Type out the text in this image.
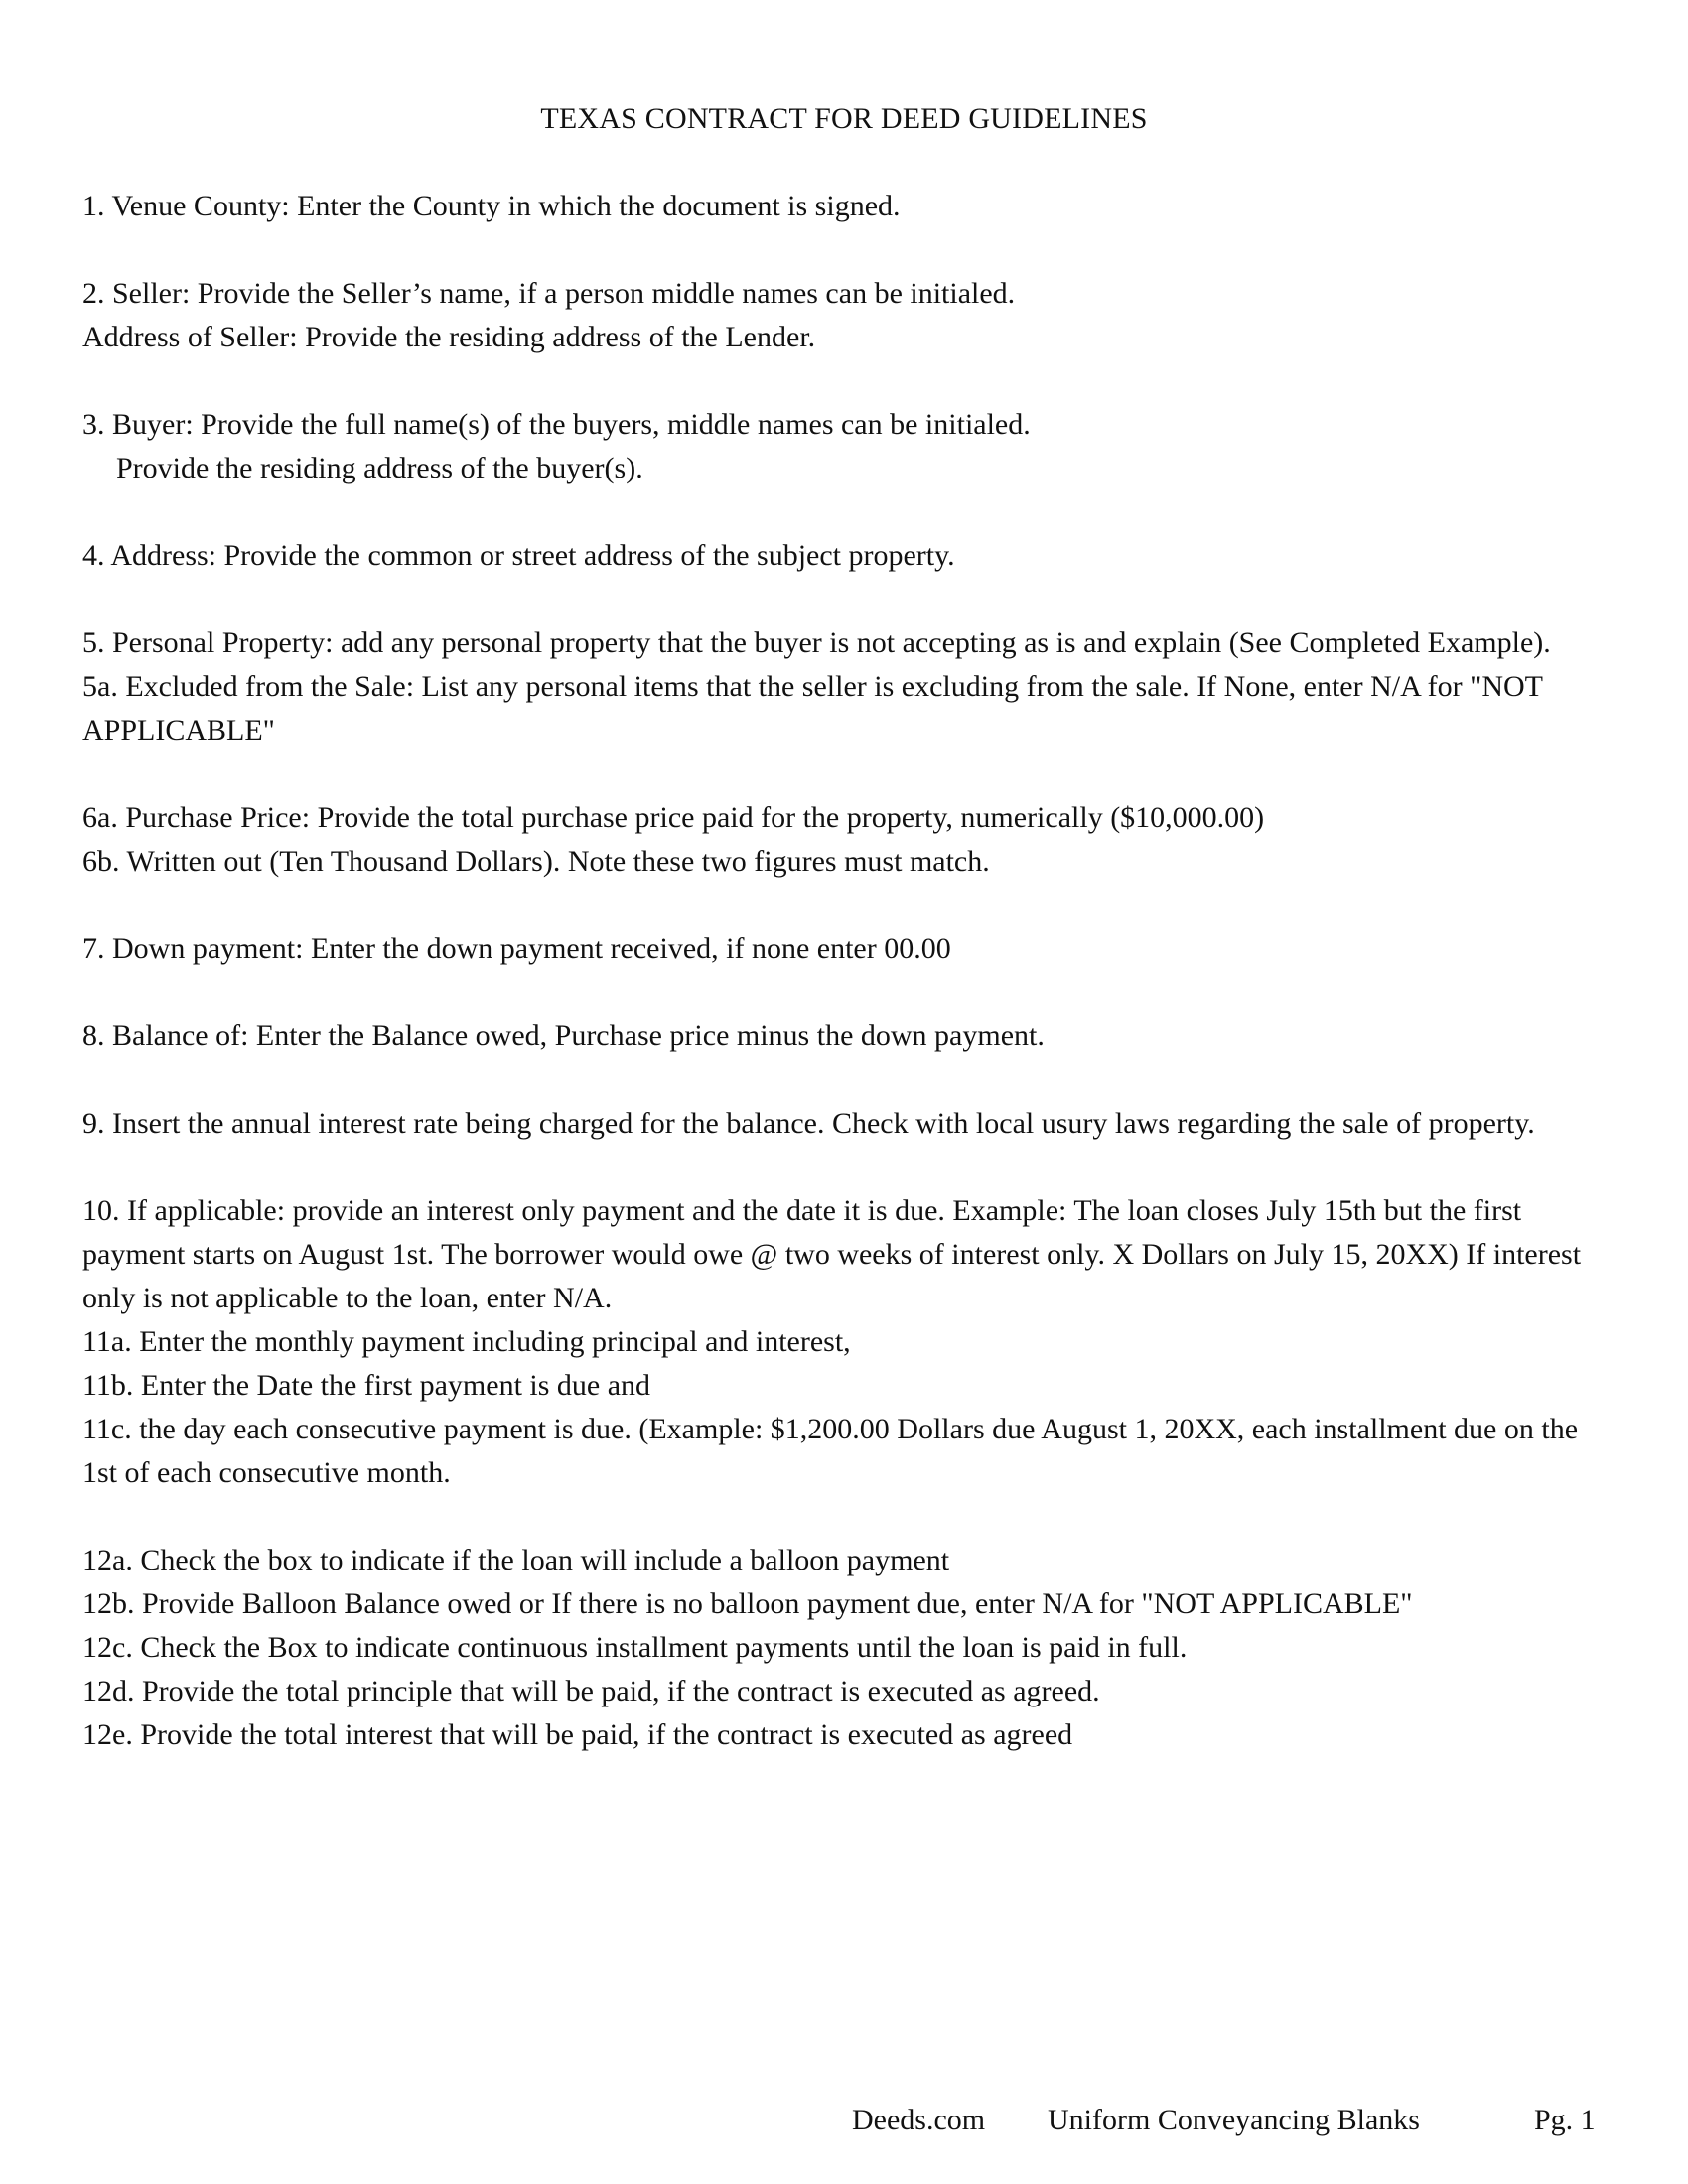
TEXAS CONTRACT FOR DEED GUIDELINES

1. Venue County: Enter the County in which the document is signed.

2. Seller: Provide the Seller’s name, if a person middle names can be initialed.

Address of Seller: Provide the residing address of the Lender.

3. Buyer: Provide the full name(s) of the buyers, middle names can be initialed.

Provide the residing address of the buyer(s).

4. Address: Provide the common or street address of the subject property.

5. Personal Property: add any personal property that the buyer is not accepting as is and explain (See Completed Example).

5a. Excluded from the Sale: List any personal items that the seller is excluding from the sale. If None, enter N/A for "NOT APPLICABLE"

6a. Purchase Price: Provide the total purchase price paid for the property, numerically ($10,000.00)

6b. Written out (Ten Thousand Dollars). Note these two figures must match.

7. Down payment: Enter the down payment received, if none enter 00.00

8. Balance of: Enter the Balance owed, Purchase price minus the down payment.

9. Insert the annual interest rate being charged for the balance. Check with local usury laws regarding the sale of property.

10. If applicable: provide an interest only payment and the date it is due. Example: The loan closes July 15th but the first payment starts on August 1st. The borrower would owe @ two weeks of interest only. X Dollars on July 15, 20XX) If interest only is not applicable to the loan, enter N/A.

11a. Enter the monthly payment including principal and interest,

11b. Enter the Date the first payment is due and

11c. the day each consecutive payment is due. (Example: $1,200.00 Dollars due August 1, 20XX, each installment due on the 1st of each consecutive month.

12a. Check the box to indicate if the loan will include a balloon payment

12b. Provide Balloon Balance owed or If there is no balloon payment due, enter N/A for "NOT APPLICABLE"

12c. Check the Box to indicate continuous installment payments until the loan is paid in full.

12d. Provide the total principle that will be paid, if the contract is executed as agreed.

12e. Provide the total interest that will be paid, if the contract is executed as agreed

Deeds.com Uniform Conveyancing Blanks	Pg. 1
